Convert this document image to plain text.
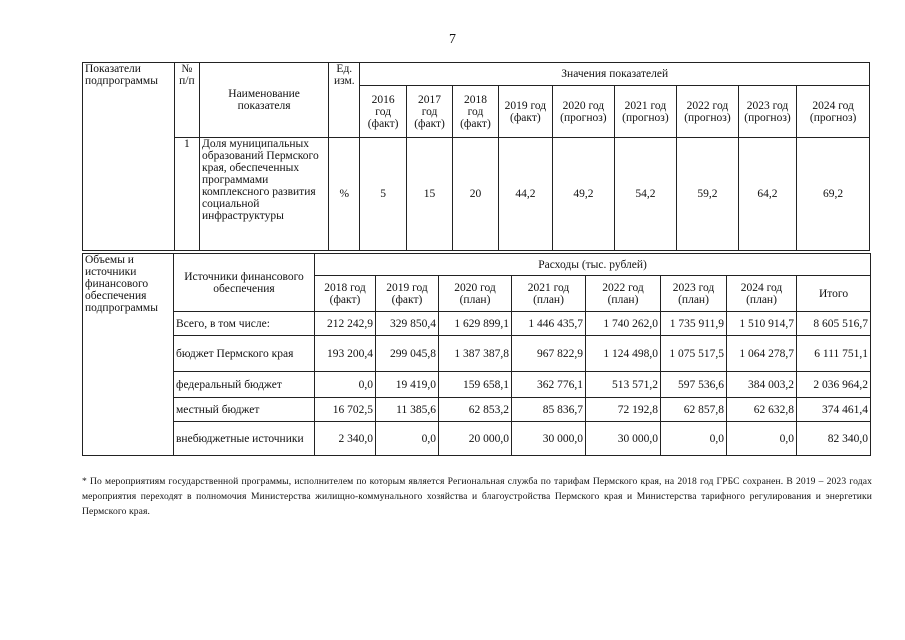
7
Показатели подпрограммы	№ п/п	Наименование показателя	Ед. изм.	Значения показателей								
				2016 год (факт)	2017 год (факт)	2018 год (факт)	2019 год (факт)	2020 год (прогноз)	2021 год (прогноз)	2022 год (прогноз)	2023 год (прогноз)	2024 год (прогноз)
	1	Доля муниципальных образований Пермского края, обеспеченных программами комплексного развития социальной инфраструктуры	%	5	15	20	44,2	49,2	54,2	59,2	64,2	69,2
Объемы и источники финансового обеспечения подпрограммы	Источники финансового обеспечения	Расходы (тыс. рублей)							
		2018 год (факт)	2019 год (факт)	2020 год (план)	2021 год (план)	2022 год (план)	2023 год (план)	2024 год (план)	Итого
	Всего, в том числе:	212 242,9	329 850,4	1 629 899,1	1 446 435,7	1 740 262,0	1 735 911,9	1 510 914,7	8 605 516,7
	бюджет Пермского края	193 200,4	299 045,8	1 387 387,8	967 822,9	1 124 498,0	1 075 517,5	1 064 278,7	6 111 751,1
	федеральный бюджет	0,0	19 419,0	159 658,1	362 776,1	513 571,2	597 536,6	384 003,2	2 036 964,2
	местный бюджет	16 702,5	11 385,6	62 853,2	85 836,7	72 192,8	62 857,8	62 632,8	374 461,4
	внебюджетные источники	2 340,0	0,0	20 000,0	30 000,0	30 000,0	0,0	0,0	82 340,0
* По мероприятиям государственной программы, исполнителем по которым является Региональная служба по тарифам Пермского края, на 2018 год ГРБС сохранен. В 2019 – 2023 годах мероприятия переходят в полномочия Министерства жилищно-коммунального хозяйства и благоустройства Пермского края и Министерства тарифного регулирования и энергетики Пермского края.
